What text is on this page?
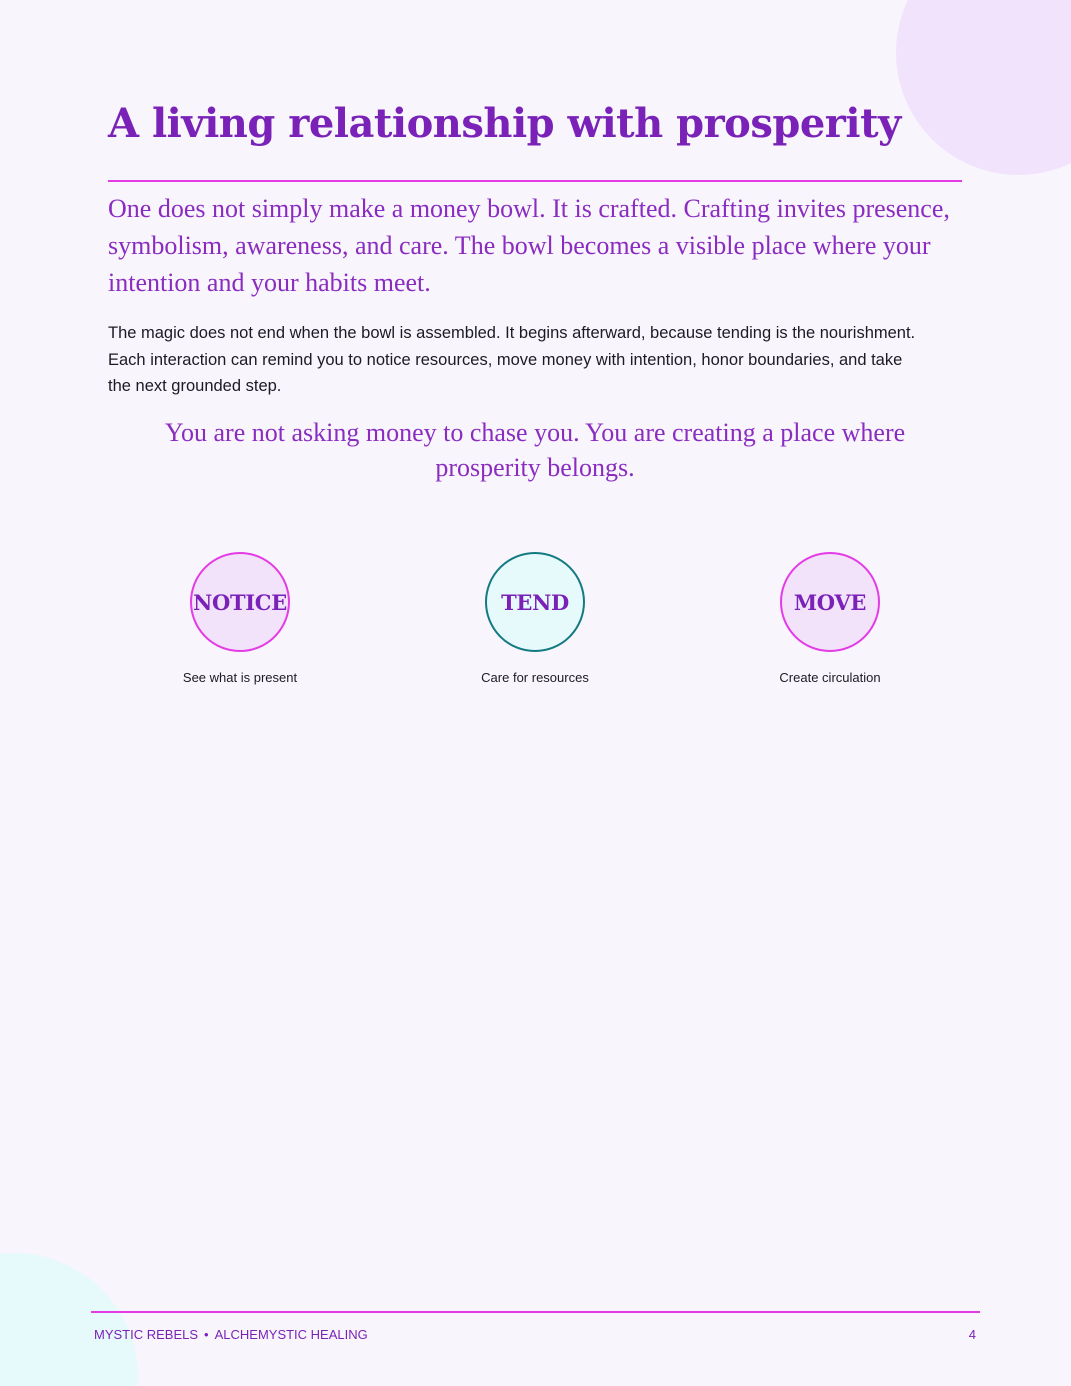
A living relationship with prosperity

One does not simply make a money bowl. It is crafted. Crafting invites presence, symbolism, awareness, and care. The bowl becomes a visible place where your intention and your habits meet.

The magic does not end when the bowl is assembled. It begins afterward, because tending is the nourishment. Each interaction can remind you to notice resources, move money with intention, honor boundaries, and take the next grounded step.

You are not asking money to chase you. You are creating a place where prosperity belongs.

NOTICE
See what is present
TEND
Care for resources
MOVE
Create circulation
MYSTIC REBELS • ALCHEMYSTIC HEALING	4
